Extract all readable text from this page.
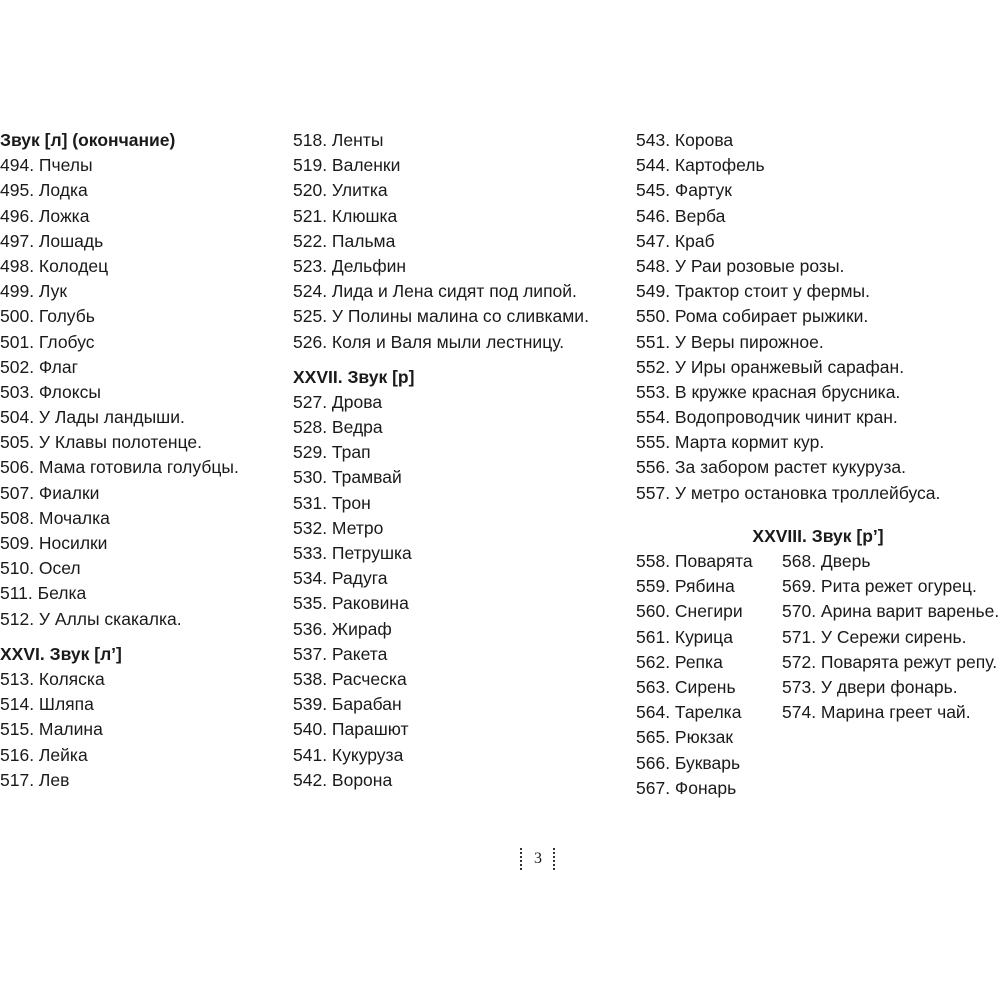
Звук [л] (окончание)
494. Пчелы
495. Лодка
496. Ложка
497. Лошадь
498. Колодец
499. Лук
500. Голубь
501. Глобус
502. Флаг
503. Флоксы
504. У Лады ландыши.
505. У Клавы полотенце.
506. Мама готовила голубцы.
507. Фиалки
508. Мочалка
509. Носилки
510. Осел
511. Белка
512. У Аллы скакалка.
XXVI. Звук [л’]
513. Коляска
514. Шляпа
515. Малина
516. Лейка
517. Лев
518. Ленты
519. Валенки
520. Улитка
521. Клюшка
522. Пальма
523. Дельфин
524. Лида и Лена сидят под липой.
525. У Полины малина со сливками.
526. Коля и Валя мыли лестницу.
XXVII. Звук [р]
527. Дрова
528. Ведра
529. Трап
530. Трамвай
531. Трон
532. Метро
533. Петрушка
534. Радуга
535. Раковина
536. Жираф
537. Ракета
538. Расческа
539. Барабан
540. Парашют
541. Кукуруза
542. Ворона
543. Корова
544. Картофель
545. Фартук
546. Верба
547. Краб
548. У Раи розовые розы.
549. Трактор стоит у фермы.
550. Рома собирает рыжики.
551. У Веры пирожное.
552. У Иры оранжевый сарафан.
553. В кружке красная брусника.
554. Водопроводчик чинит кран.
555. Марта кормит кур.
556. За забором растет кукуруза.
557. У метро остановка троллейбуса.
XXVIII. Звук [р’]
558. Поварята
559. Рябина
560. Снегири
561. Курица
562. Репка
563. Сирень
564. Тарелка
565. Рюкзак
566. Букварь
567. Фонарь
568. Дверь
569. Рита режет огурец.
570. Арина варит варенье.
571. У Сережи сирень.
572. Поварята режут репу.
573. У двери фонарь.
574. Марина греет чай.
3
